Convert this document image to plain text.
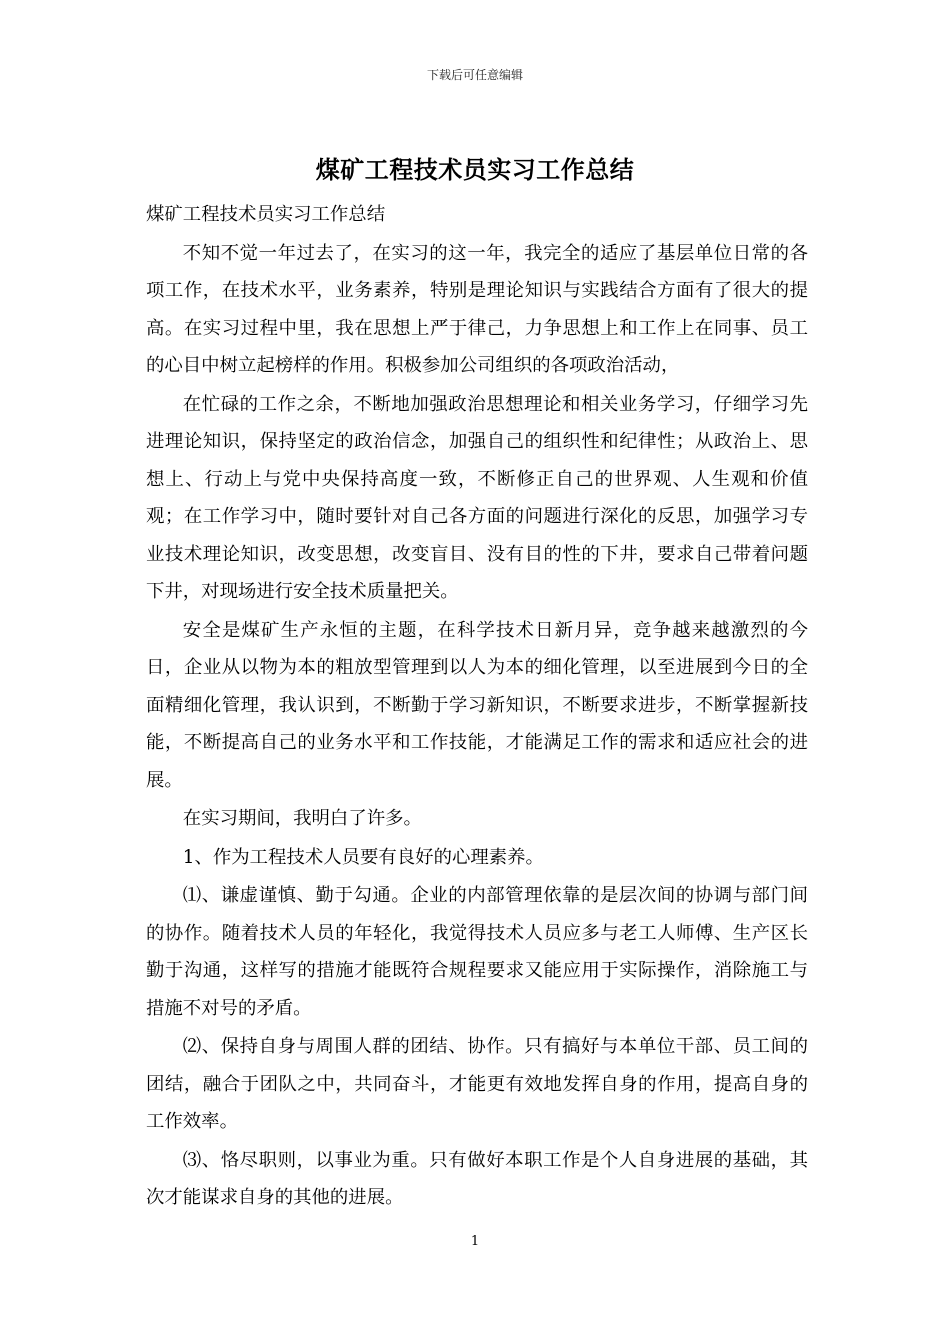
下载后可任意编辑
煤矿工程技术员实习工作总结

煤矿工程技术员实习工作总结

不知不觉一年过去了，在实习的这一年，我完全的适应了基层单位日常的各项工作，在技术水平，业务素养，特别是理论知识与实践结合方面有了很大的提高。在实习过程中里，我在思想上严于律己，力争思想上和工作上在同事、员工的心目中树立起榜样的作用。积极参加公司组织的各项政治活动，

在忙碌的工作之余，不断地加强政治思想理论和相关业务学习，仔细学习先进理论知识，保持坚定的政治信念，加强自己的组织性和纪律性；从政治上、思想上、行动上与党中央保持高度一致，不断修正自己的世界观、人生观和价值观；在工作学习中，随时要针对自己各方面的问题进行深化的反思，加强学习专业技术理论知识，改变思想，改变盲目、没有目的性的下井，要求自己带着问题下井，对现场进行安全技术质量把关。

安全是煤矿生产永恒的主题，在科学技术日新月异，竞争越来越激烈的今日，企业从以物为本的粗放型管理到以人为本的细化管理，以至进展到今日的全面精细化管理，我认识到，不断勤于学习新知识，不断要求进步，不断掌握新技能，不断提高自己的业务水平和工作技能，才能满足工作的需求和适应社会的进展。

在实习期间，我明白了许多。

1、作为工程技术人员要有良好的心理素养。

⑴、谦虚谨慎、勤于勾通。企业的内部管理依靠的是层次间的协调与部门间的协作。随着技术人员的年轻化，我觉得技术人员应多与老工人师傅、生产区长勤于沟通，这样写的措施才能既符合规程要求又能应用于实际操作，消除施工与措施不对号的矛盾。

⑵、保持自身与周围人群的团结、协作。只有搞好与本单位干部、员工间的团结，融合于团队之中，共同奋斗，才能更有效地发挥自身的作用，提高自身的工作效率。

⑶、恪尽职则，以事业为重。只有做好本职工作是个人自身进展的基础，其次才能谋求自身的其他的进展。

1
